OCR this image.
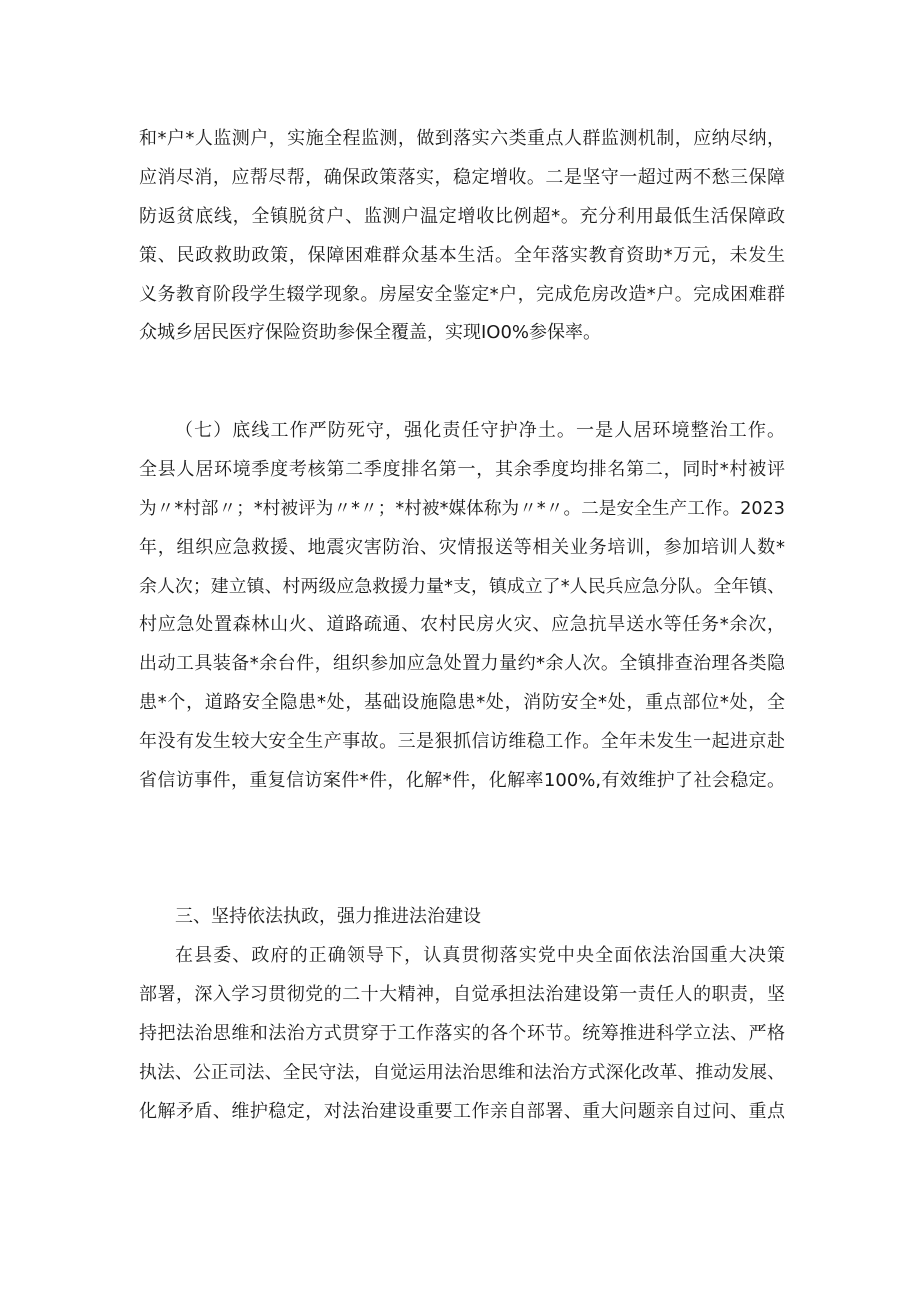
和*户*人监测户，实施全程监测，做到落实六类重点人群监测机制，应纳尽纳，
应消尽消，应帮尽帮，确保政策落实，稳定增收。二是坚守一超过两不愁三保障
防返贫底线，全镇脱贫户、监测户温定增收比例超*。充分利用最低生活保障政
策、民政救助政策，保障困难群众基本生活。全年落实教育资助*万元，未发生
义务教育阶段学生辍学现象。房屋安全鉴定*户，完成危房改造*户。完成困难群
众城乡居民医疗保险资助参保全覆盖，实现IO0%参保率。
（七）底线工作严防死守，强化责任守护净土。一是人居环境整治工作。
全县人居环境季度考核第二季度排名第一，其余季度均排名第二，同时*村被评
为〃*村部〃；*村被评为〃*〃；*村被*媒体称为〃*〃。二是安全生产工作。2023
年，组织应急救援、地震灾害防治、灾情报送等相关业务培训，参加培训人数*
余人次；建立镇、村两级应急救援力量*支，镇成立了*人民兵应急分队。全年镇、
村应急处置森林山火、道路疏通、农村民房火灾、应急抗旱送水等任务*余次，
出动工具装备*余台件，组织参加应急处置力量约*余人次。全镇排查治理各类隐
患*个，道路安全隐患*处，基础设施隐患*处，消防安全*处，重点部位*处，全
年没有发生较大安全生产事故。三是狠抓信访维稳工作。全年未发生一起进京赴
省信访事件，重复信访案件*件，化解*件，化解率100%,有效维护了社会稳定。
三、坚持依法执政，强力推进法治建设
在县委、政府的正确领导下，认真贯彻落实党中央全面依法治国重大决策
部署，深入学习贯彻党的二十大精神，自觉承担法治建设第一责任人的职责，坚
持把法治思维和法治方式贯穿于工作落实的各个环节。统筹推进科学立法、严格
执法、公正司法、全民守法，自觉运用法治思维和法治方式深化改革、推动发展、
化解矛盾、维护稳定，对法治建设重要工作亲自部署、重大问题亲自过问、重点
